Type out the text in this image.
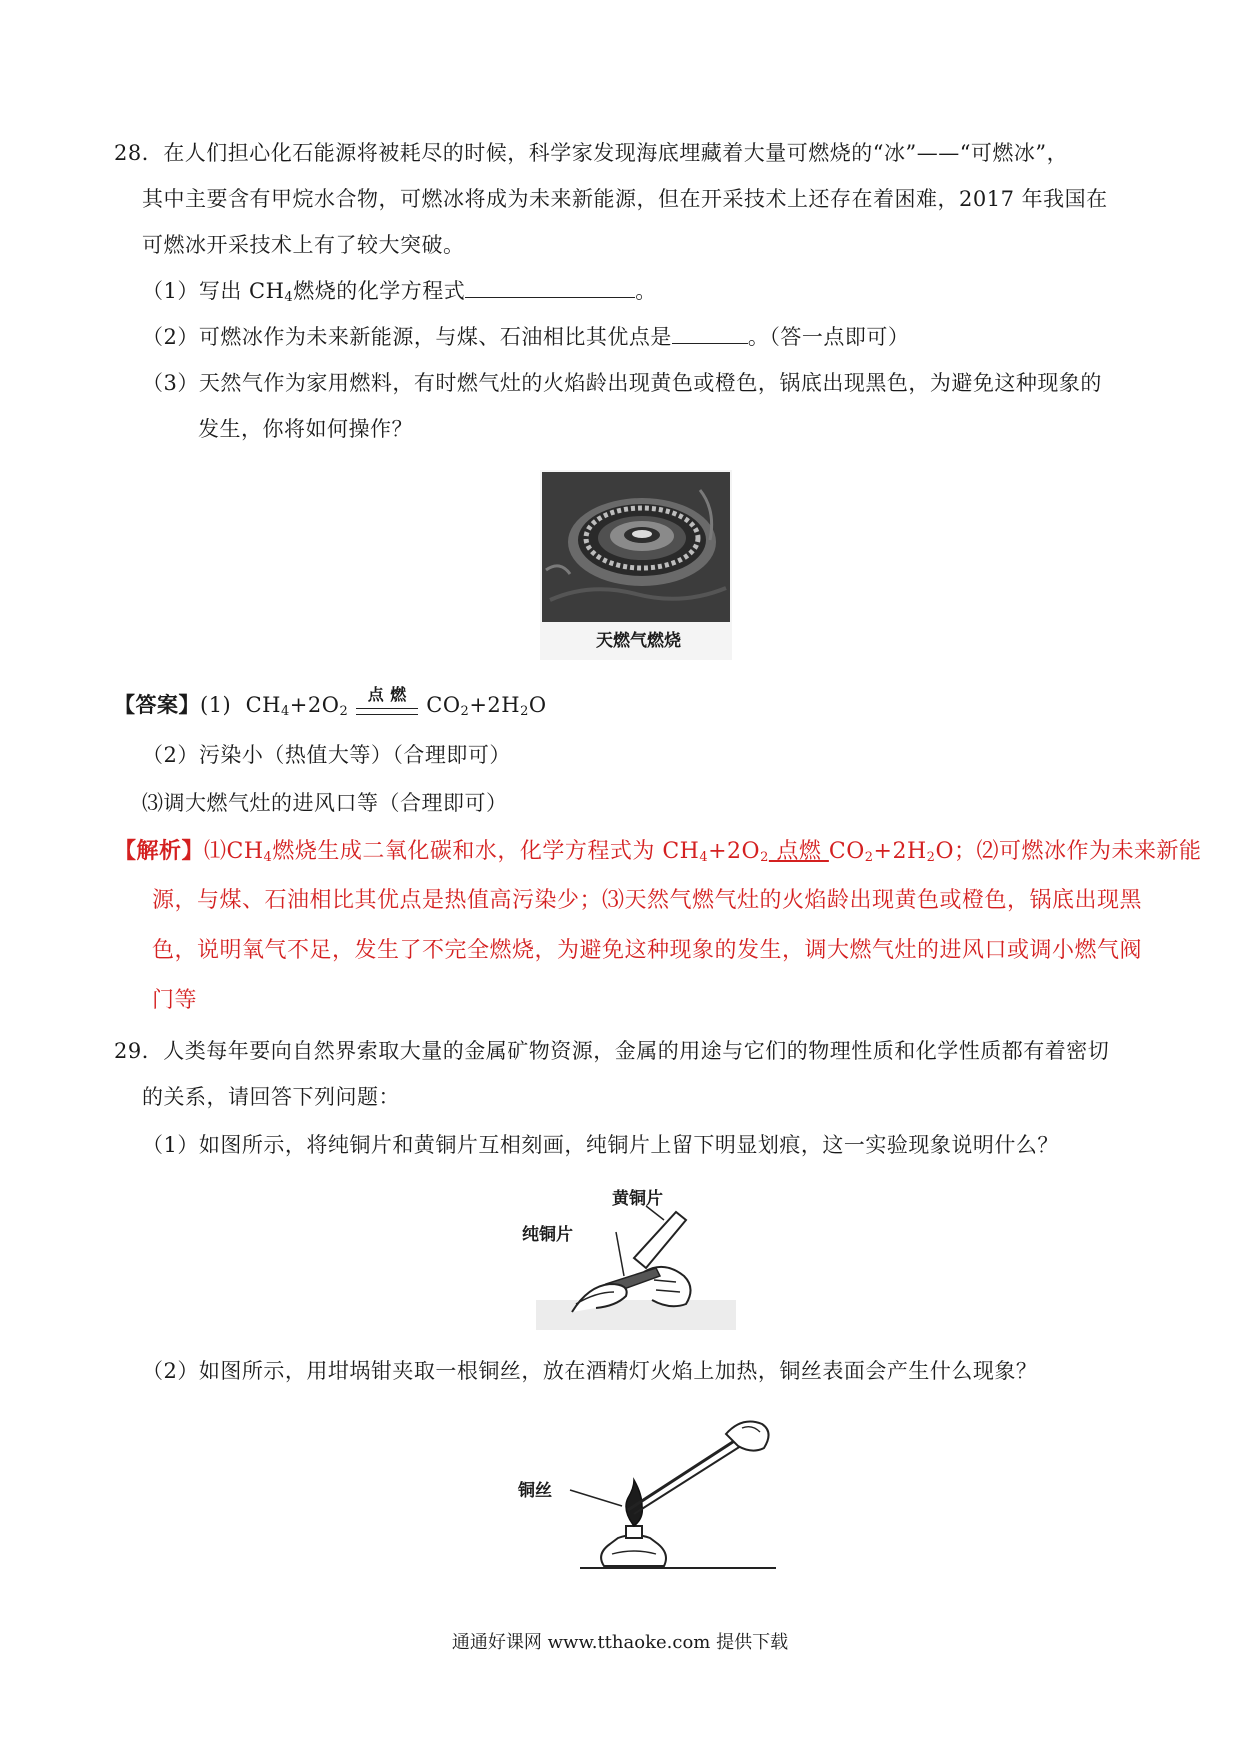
28．在人们担心化石能源将被耗尽的时候，科学家发现海底埋藏着大量可燃烧的“冰”——“可燃冰”，
其中主要含有甲烷水合物，可燃冰将成为未来新能源，但在开采技术上还存在着困难，2017 年我国在
可燃冰开采技术上有了较大突破。
（1）写出 $CH_4$燃烧的化学方程式	。
（2）可燃冰作为未来新能源，与煤、石油相比其优点是	。（答一点即可）
（3）天然气作为家用燃料，有时燃气灶的火焰龄出现黄色或橙色，锅底出现黑色，为避免这种现象的
发生，你将如何操作？
天燃气燃烧
【答案】(1) $CH_4+2O_2$
点 燃 $CO_2+2H_2O$
（2）污染小（热值大等）（合理即可）
⑶调大燃气灶的进风口等（合理即可）
【解析】$⑴CH_4$燃烧生成二氧化碳和水，化学方程式为 $CH_4+2O_2$ 点燃 $CO_2+2H_2O$；⑵可燃冰作为未来新能
源，与煤、石油相比其优点是热值高污染少；⑶天然气燃气灶的火焰龄出现黄色或橙色，锅底出现黑
色，说明氧气不足，发生了不完全燃烧，为避免这种现象的发生，调大燃气灶的进风口或调小燃气阀
门等
29．人类每年要向自然界索取大量的金属矿物资源，金属的用途与它们的物理性质和化学性质都有着密切
的关系，请回答下列问题：
（1）如图所示，将纯铜片和黄铜片互相刻画，纯铜片上留下明显划痕，这一实验现象说明什么？
黄铜片
纯铜片
（2）如图所示，用坩埚钳夹取一根铜丝，放在酒精灯火焰上加热，铜丝表面会产生什么现象？
铜丝
通通好课网 www.tthaoke.com 提供下载
